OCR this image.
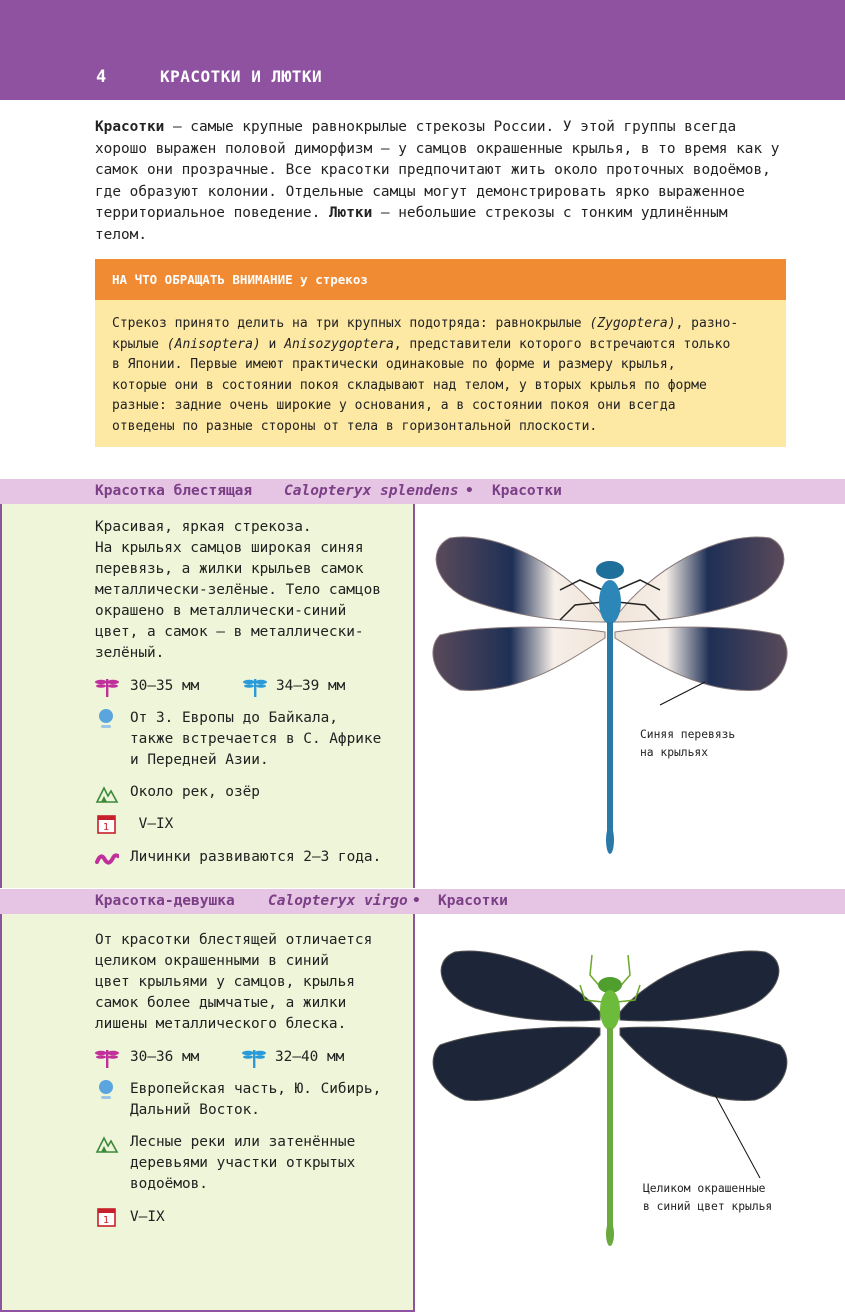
4	КРАСОТКИ И ЛЮТКИ

Красотки — самые крупные равнокрылые стрекозы России. У этой группы всегда хорошо выражен половой диморфизм — у самцов окрашенные крылья, в то время как у самок они прозрачные. Все красотки предпочитают жить около проточных водоёмов, где образуют колонии. Отдельные самцы могут демонстрировать ярко выраженное территориальное поведение. Лютки — небольшие стрекозы с тонким удлинённым телом.

НА ЧТО ОБРАЩАТЬ ВНИМАНИЕ у стрекоз
Стрекоз принято делить на три крупных подотряда: равнокрылые (Zygoptera), разно-
крылые (Anisoptera) и Anisozygoptera, представители которого встречаются только
в Японии. Первые имеют практически одинаковые по форме и размеру крылья,
которые они в состоянии покоя складывают над телом, у вторых крылья по форме
разные: задние очень широкие у основания, а в состоянии покоя они всегда
отведены по разные стороны от тела в горизонтальной плоскости.
Красотка блестящая Calopteryx splendens • Красотки
Красивая, яркая стрекоза.
На крыльях самцов широкая синяя
перевязь, а жилки крыльев самок
металлически-зелёные. Тело самцов
окрашено в металлически-синий
цвет, а самок — в металлически-
зелёный.
30–35 мм	34–39 мм
От З. Европы до Байкала,
также встречается в С. Африке
и Передней Азии.
Около рек, озёр
1 V–IX
Личинки развиваются 2–3 года.
Синяя перевязь
на крыльях
Красотка-девушка Calopteryx virgo • Красотки
От красотки блестящей отличается
целиком окрашенными в синий
цвет крыльями у самцов, крылья
самок более дымчатые, а жилки
лишены металлического блеска.
30–36 мм	32–40 мм
Европейская часть, Ю. Сибирь,
Дальний Восток.
Лесные реки или затенённые
деревьями участки открытых
водоёмов.
1 V–IX
Целиком окрашенные
в синий цвет крылья
